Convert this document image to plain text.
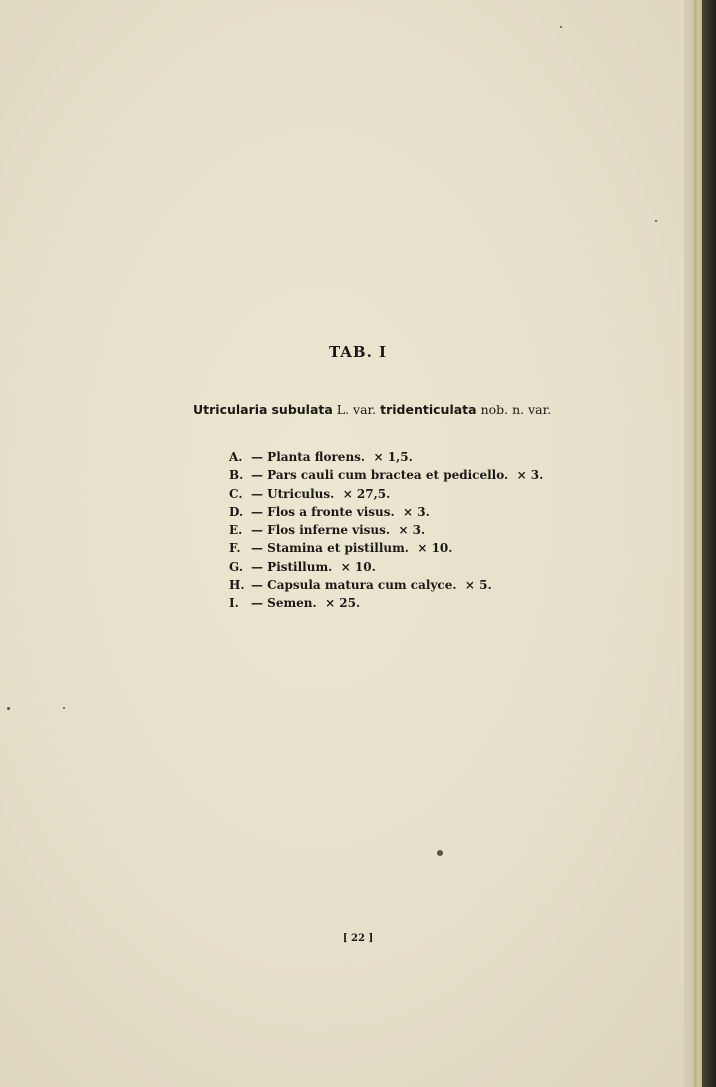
TAB. I
Utricularia subulata L. var. tridenticulata nob. n. var.
A. — Planta florens. × 1,5.
B. — Pars cauli cum bractea et pedicello. × 3.
C. — Utriculus. × 27,5.
D. — Flos a fronte visus. × 3.
E. — Flos inferne visus. × 3.
F. — Stamina et pistillum. × 10.
G. — Pistillum. × 10.
H. — Capsula matura cum calyce. × 5.
I. — Semen. × 25.
[ 22 ]
